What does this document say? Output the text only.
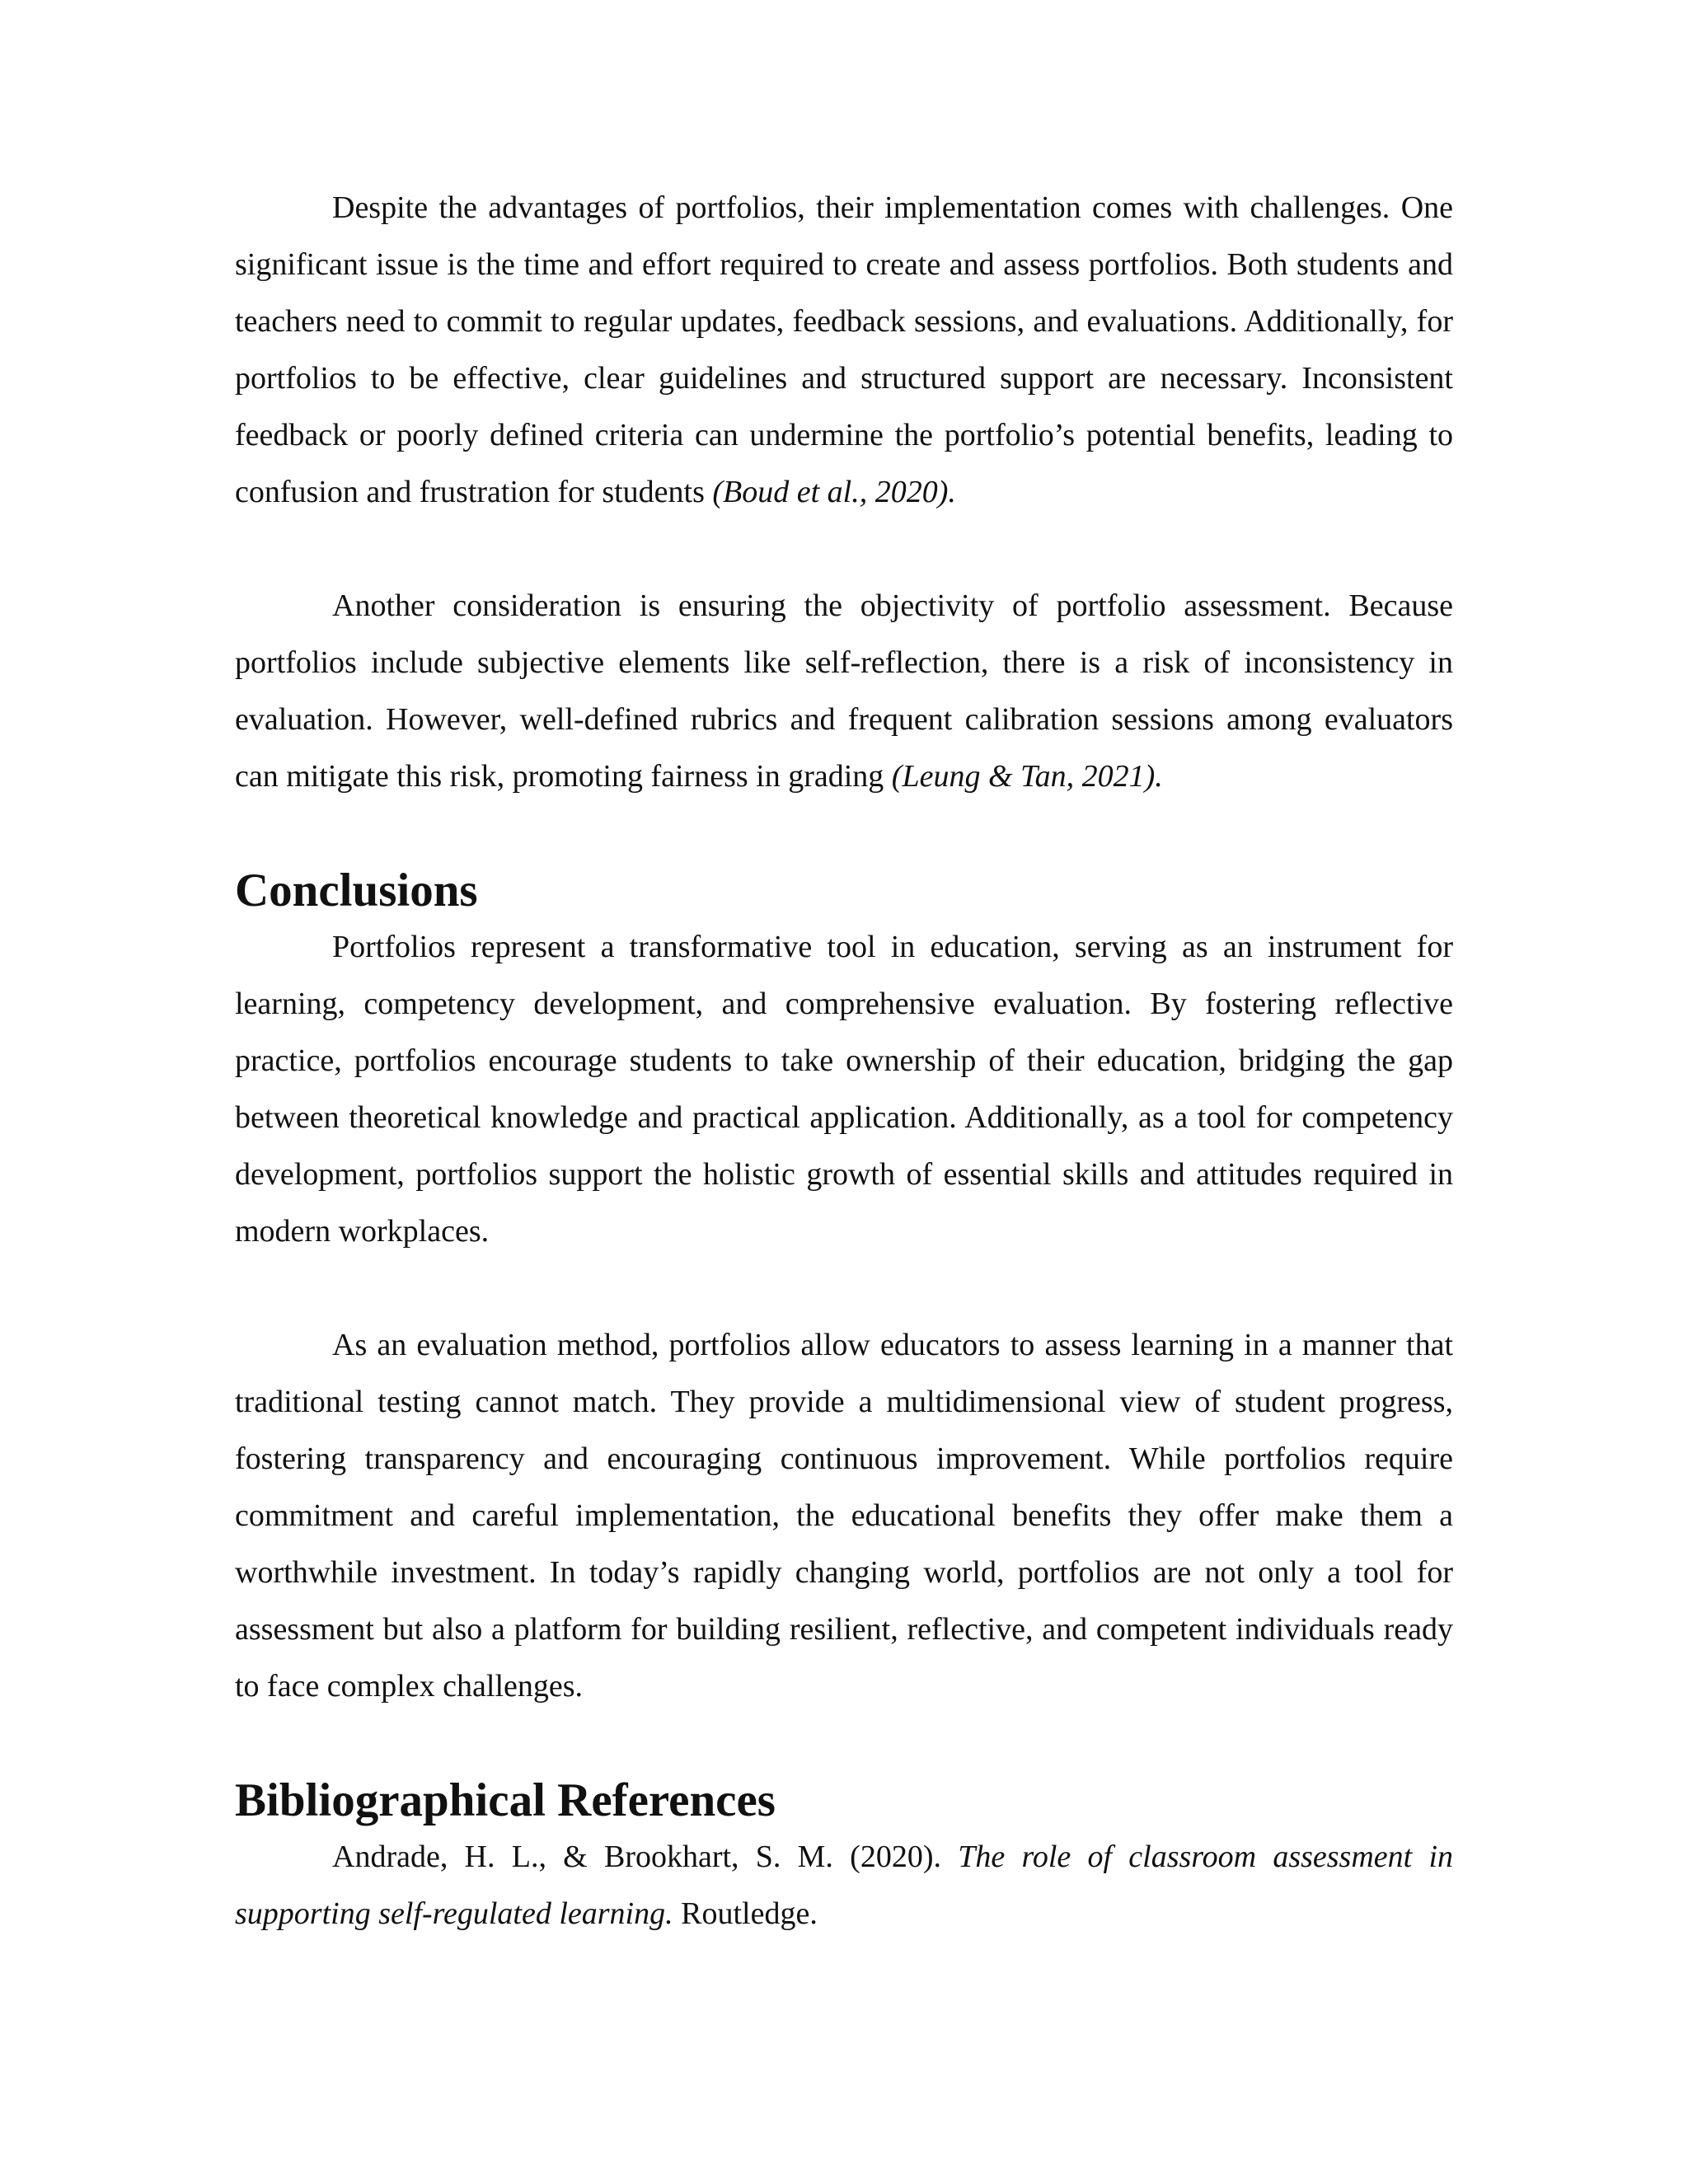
Despite the advantages of portfolios, their implementation comes with challenges. One significant issue is the time and effort required to create and assess portfolios. Both students and teachers need to commit to regular updates, feedback sessions, and evaluations. Additionally, for portfolios to be effective, clear guidelines and structured support are necessary. Inconsistent feedback or poorly defined criteria can undermine the portfolio’s potential benefits, leading to confusion and frustration for students (Boud et al., 2020).

Another consideration is ensuring the objectivity of portfolio assessment. Because portfolios include subjective elements like self-reflection, there is a risk of inconsistency in evaluation. However, well-defined rubrics and frequent calibration sessions among evaluators can mitigate this risk, promoting fairness in grading (Leung & Tan, 2021).

Conclusions

Portfolios represent a transformative tool in education, serving as an instrument for learning, competency development, and comprehensive evaluation. By fostering reflective practice, portfolios encourage students to take ownership of their education, bridging the gap between theoretical knowledge and practical application. Additionally, as a tool for competency development, portfolios support the holistic growth of essential skills and attitudes required in modern workplaces.

As an evaluation method, portfolios allow educators to assess learning in a manner that traditional testing cannot match. They provide a multidimensional view of student progress, fostering transparency and encouraging continuous improvement. While portfolios require commitment and careful implementation, the educational benefits they offer make them a worthwhile investment. In today’s rapidly changing world, portfolios are not only a tool for assessment but also a platform for building resilient, reflective, and competent individuals ready to face complex challenges.

Bibliographical References

Andrade, H. L., & Brookhart, S. M. (2020). The role of classroom assessment in supporting self-regulated learning. Routledge.
